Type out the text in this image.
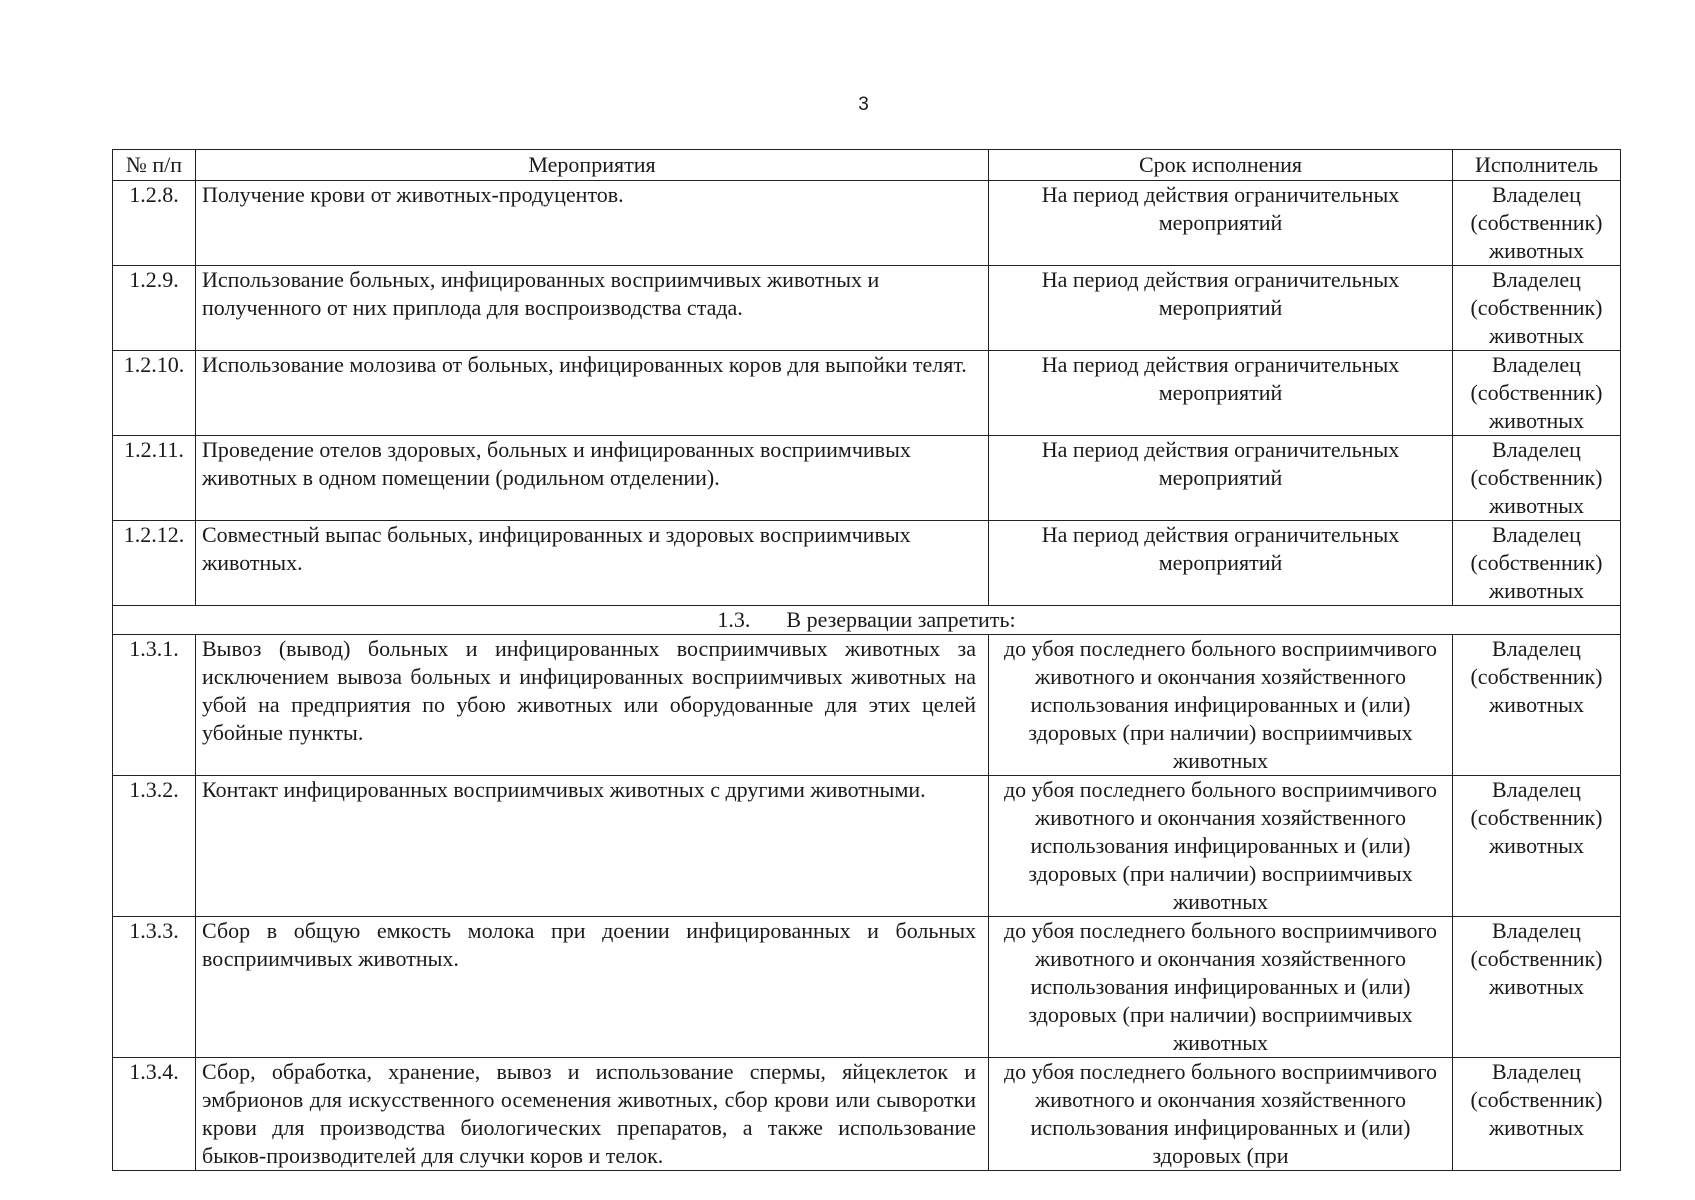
3
№ п/п	Мероприятия	Срок исполнения	Исполнитель
1.2.8.	Получение крови от животных-продуцентов.	На период действия ограничительных мероприятий	Владелец (собственник) животных
1.2.9.	Использование больных, инфицированных восприимчивых животных и полученного от них приплода для воспроизводства стада.	На период действия ограничительных мероприятий	Владелец (собственник) животных
1.2.10.	Использование молозива от больных, инфицированных коров для выпойки телят.	На период действия ограничительных мероприятий	Владелец (собственник) животных
1.2.11.	Проведение отелов здоровых, больных и инфицированных восприимчивых животных в одном помещении (родильном отделении).	На период действия ограничительных мероприятий	Владелец (собственник) животных
1.2.12.	Совместный выпас больных, инфицированных и здоровых восприимчивых животных.	На период действия ограничительных мероприятий	Владелец (собственник) животных
1.3. В резервации запретить:			
1.3.1.	Вывоз (вывод) больных и инфицированных восприимчивых животных за исключением вывоза больных и инфицированных восприимчивых животных на убой на предприятия по убою животных или оборудованные для этих целей убойные пункты.	до убоя последнего больного восприимчивого животного и окончания хозяйственного использования инфицированных и (или) здоровых (при наличии) восприимчивых животных	Владелец (собственник) животных
1.3.2.	Контакт инфицированных восприимчивых животных с другими животными.	до убоя последнего больного восприимчивого животного и окончания хозяйственного использования инфицированных и (или) здоровых (при наличии) восприимчивых животных	Владелец (собственник) животных
1.3.3.	Сбор в общую емкость молока при доении инфицированных и больных восприимчивых животных.	до убоя последнего больного восприимчивого животного и окончания хозяйственного использования инфицированных и (или) здоровых (при наличии) восприимчивых животных	Владелец (собственник) животных
1.3.4.	Сбор, обработка, хранение, вывоз и использование спермы, яйцеклеток и эмбрионов для искусственного осеменения животных, сбор крови или сыворотки крови для производства биологических препаратов, а также использование быков-производителей для случки коров и телок.	до убоя последнего больного восприимчивого животного и окончания хозяйственного использования инфицированных и (или) здоровых (при	Владелец (собственник) животных
